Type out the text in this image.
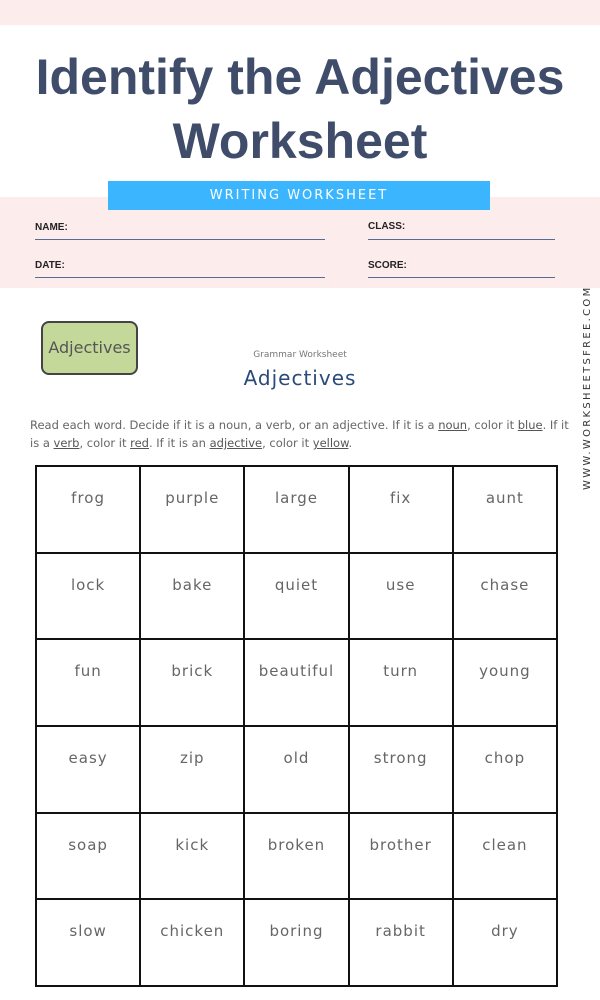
Identify the Adjectives Worksheet
WRITING WORKSHEET
NAME:	CLASS:
DATE:	SCORE:
Adjectives	Grammar Worksheet
Adjectives

Read each word. Decide if it is a noun, a verb, or an adjective. If it is a noun, color it blue. If it is a verb, color it red. If it is an adjective, color it yellow.	WWW.WORKSHEETSFREE.COM
frog	purple	large	fix	aunt
lock	bake	quiet	use	chase
fun	brick	beautiful	turn	young
easy	zip	old	strong	chop
soap	kick	broken	brother	clean
slow	chicken	boring	rabbit	dry
